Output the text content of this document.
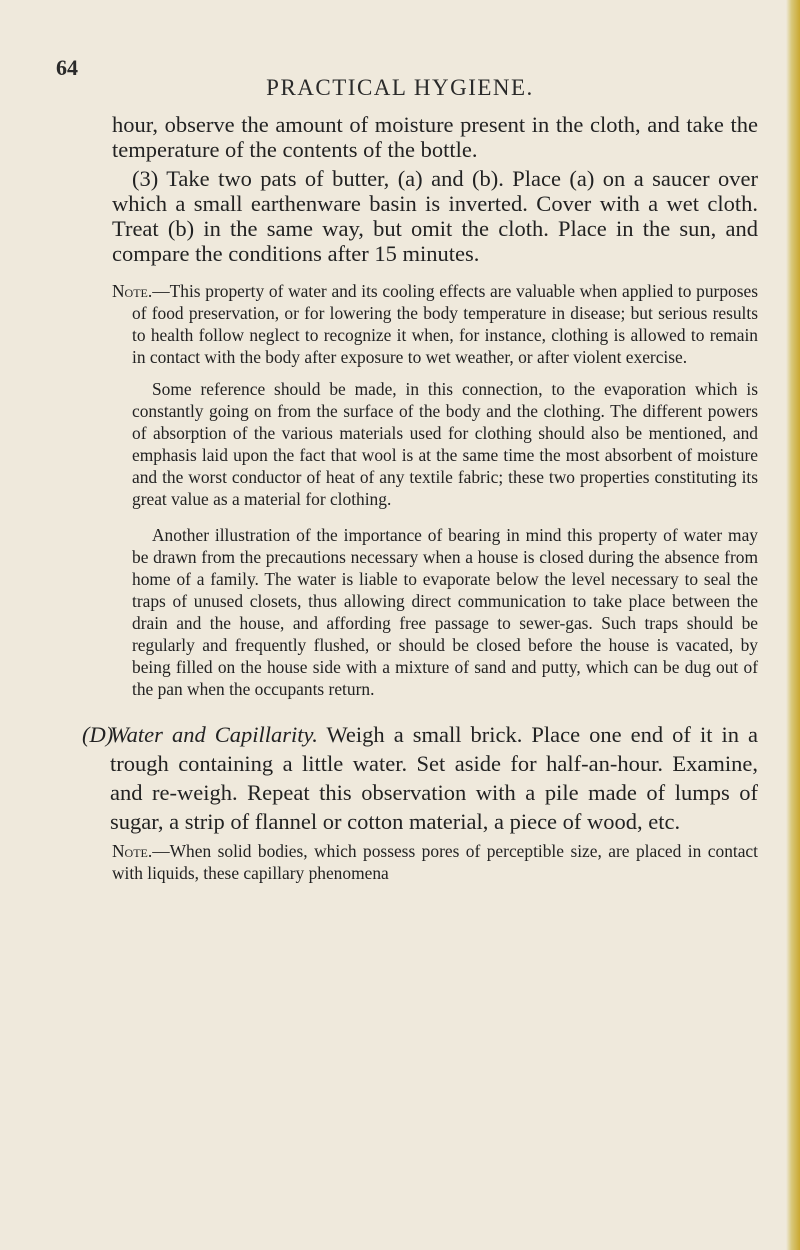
64
PRACTICAL HYGIENE.

hour, observe the amount of moisture present in the cloth, and take the temperature of the contents of the bottle.

(3) Take two pats of butter, (a) and (b). Place (a) on a saucer over which a small earthenware basin is inverted. Cover with a wet cloth. Treat (b) in the same way, but omit the cloth. Place in the sun, and compare the conditions after 15 minutes.

Note.—This property of water and its cooling effects are valuable when applied to purposes of food preservation, or for lowering the body temperature in disease; but serious results to health follow neglect to recognize it when, for instance, clothing is allowed to remain in contact with the body after exposure to wet weather, or after violent exercise.

Some reference should be made, in this connection, to the evaporation which is constantly going on from the surface of the body and the clothing. The different powers of absorption of the various materials used for clothing should also be mentioned, and emphasis laid upon the fact that wool is at the same time the most absorbent of moisture and the worst conductor of heat of any textile fabric; these two properties constituting its great value as a material for clothing.

Another illustration of the importance of bearing in mind this property of water may be drawn from the precautions necessary when a house is closed during the absence from home of a family. The water is liable to evaporate below the level necessary to seal the traps of unused closets, thus allowing direct communication to take place between the drain and the house, and affording free passage to sewer-gas. Such traps should be regularly and frequently flushed, or should be closed before the house is vacated, by being filled on the house side with a mixture of sand and putty, which can be dug out of the pan when the occupants return.

(D)
Water and Capillarity. Weigh a small brick. Place one end of it in a trough containing a little water. Set aside for half-an-hour. Examine, and re-weigh. Repeat this observation with a pile made of lumps of sugar, a strip of flannel or cotton material, a piece of wood, etc.

Note.—When solid bodies, which possess pores of perceptible size, are placed in contact with liquids, these capillary phenomena
